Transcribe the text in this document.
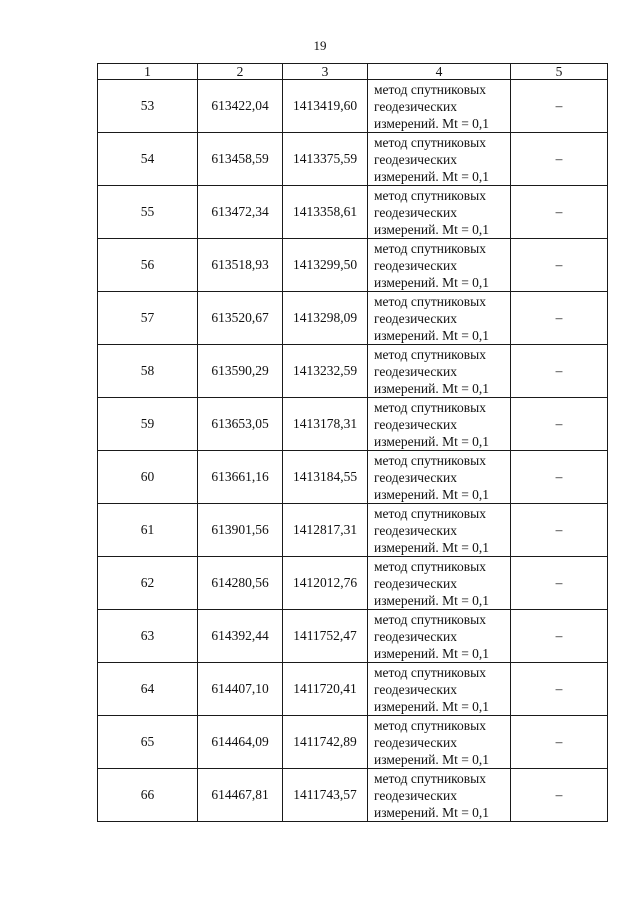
19
1	2	3	4	5
53	613422,04	1413419,60	метод спутниковых
геодезических
измерений. Mt = 0,1	–
54	613458,59	1413375,59	метод спутниковых
геодезических
измерений. Mt = 0,1	–
55	613472,34	1413358,61	метод спутниковых
геодезических
измерений. Mt = 0,1	–
56	613518,93	1413299,50	метод спутниковых
геодезических
измерений. Mt = 0,1	–
57	613520,67	1413298,09	метод спутниковых
геодезических
измерений. Mt = 0,1	–
58	613590,29	1413232,59	метод спутниковых
геодезических
измерений. Mt = 0,1	–
59	613653,05	1413178,31	метод спутниковых
геодезических
измерений. Mt = 0,1	–
60	613661,16	1413184,55	метод спутниковых
геодезических
измерений. Mt = 0,1	–
61	613901,56	1412817,31	метод спутниковых
геодезических
измерений. Mt = 0,1	–
62	614280,56	1412012,76	метод спутниковых
геодезических
измерений. Mt = 0,1	–
63	614392,44	1411752,47	метод спутниковых
геодезических
измерений. Mt = 0,1	–
64	614407,10	1411720,41	метод спутниковых
геодезических
измерений. Mt = 0,1	–
65	614464,09	1411742,89	метод спутниковых
геодезических
измерений. Mt = 0,1	–
66	614467,81	1411743,57	метод спутниковых
геодезических
измерений. Mt = 0,1	–
